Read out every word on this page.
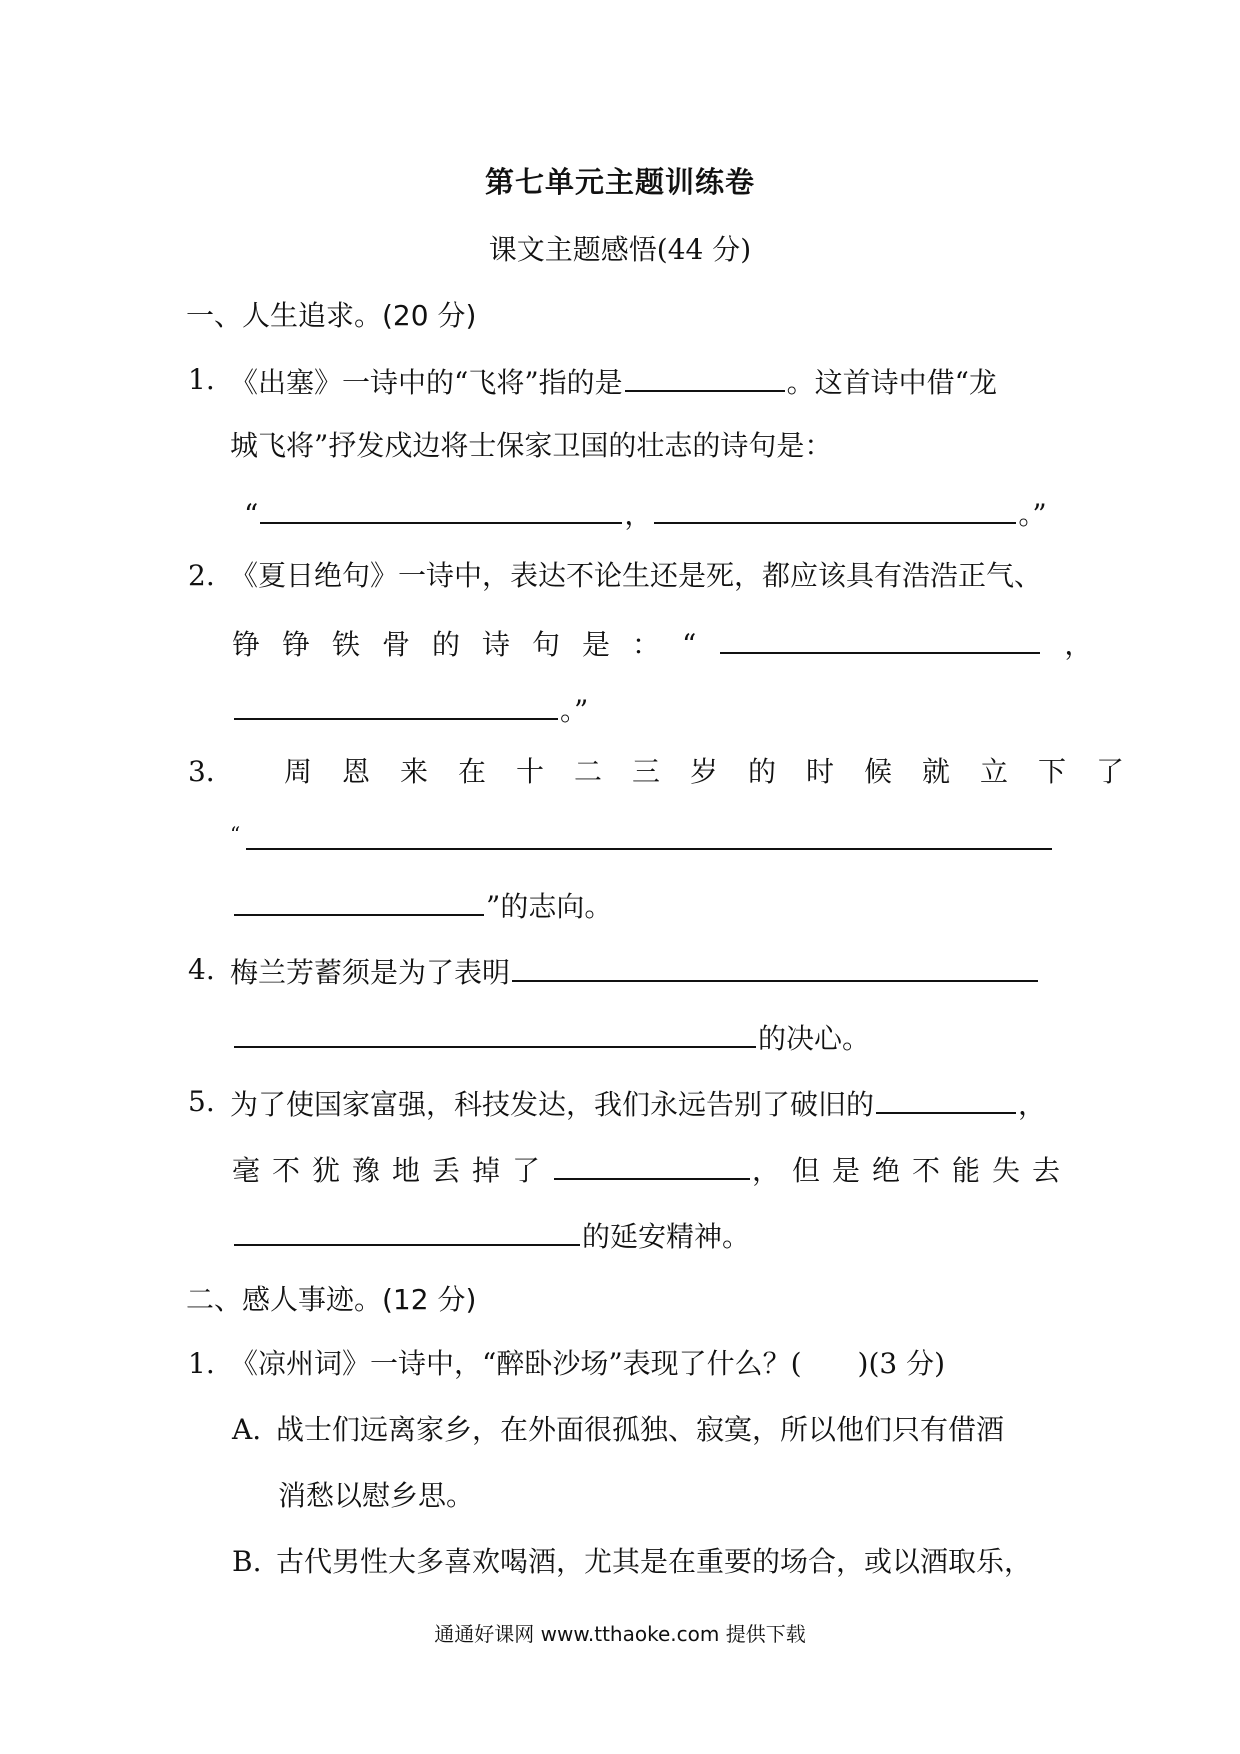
第七单元主题训练卷
课文主题感悟(44 分)
一、人生追求。(20 分)
1. 《出塞》一诗中的“飞将”指的是	。这首诗中借“龙
城飞将”抒发戍边将士保家卫国的壮志的诗句是：
“	，	。”
2. 《夏日绝句》一诗中，表达不论生还是死，都应该具有浩浩正气、
铮铮铁骨的诗句是：“	，
。”
3． 周恩来在十二三岁的时候就立下了
“
”的志向。
4. 梅兰芳蓄须是为了表明
的决心。
5. 为了使国家富强，科技发达，我们永远告别了破旧的	，
毫不犹豫地丢掉了	，但是绝不能失去
的延安精神。
二、感人事迹。(12 分)
1. 《凉州词》一诗中，“醉卧沙场”表现了什么？(　　)(3 分)
A. 战士们远离家乡，在外面很孤独、寂寞，所以他们只有借酒
消愁以慰乡思。
B. 古代男性大多喜欢喝酒，尤其是在重要的场合，或以酒取乐，
通通好课网 www.tthaoke.com 提供下载
